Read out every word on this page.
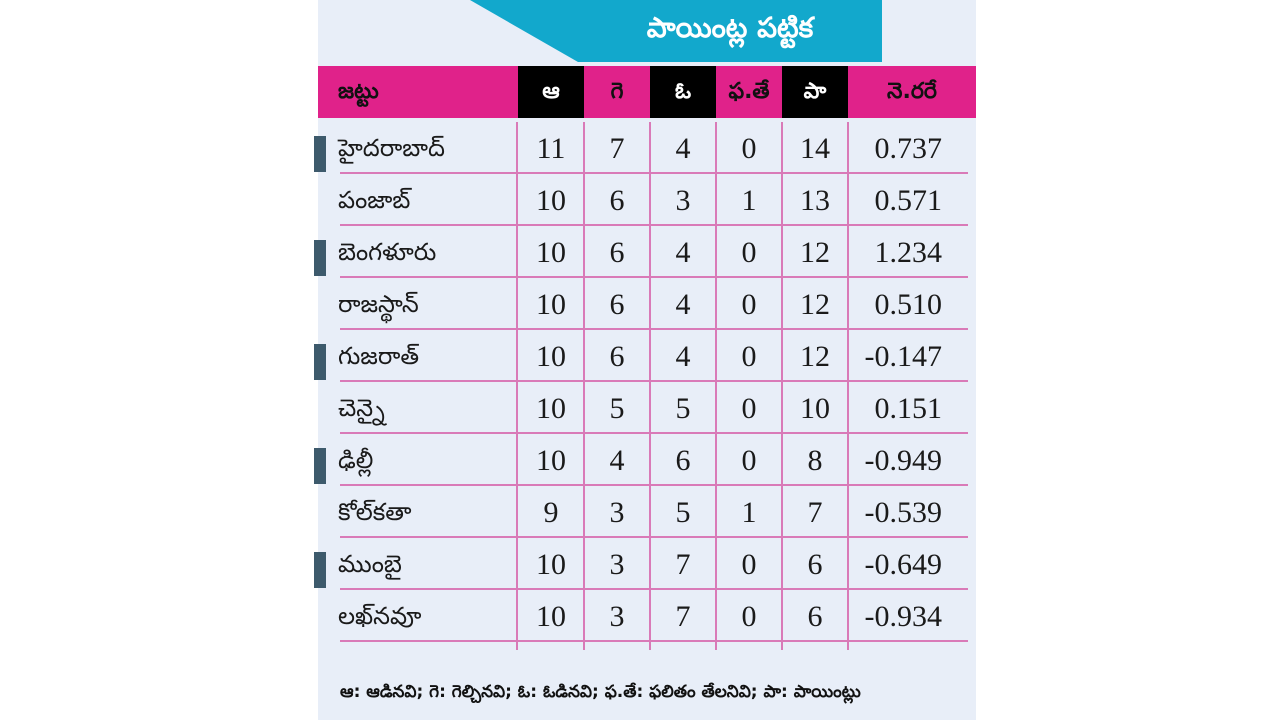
పాయింట్ల పట్టిక
జట్టు	ఆ	గె	ఓ	ఫ.తే	పా	నె.రరే
హైదరాబాద్	11	7	4	0	14	0.737
పంజాబ్	10	6	3	1	13	0.571
బెంగళూరు	10	6	4	0	12	1.234
రాజస్థాన్	10	6	4	0	12	0.510
గుజరాత్	10	6	4	0	12	-0.147
చెన్నై	10	5	5	0	10	0.151
ఢిల్లీ	10	4	6	0	8	-0.949
కోల్‌కతా	9	3	5	1	7	-0.539
ముంబై	10	3	7	0	6	-0.649
లఖ్‌నవూ	10	3	7	0	6	-0.934
ఆ: ఆడినవి; గె: గెల్చినవి; ఓ: ఓడినవి; ఫ.తే: ఫలితం తేలనివి; పా: పాయింట్లు
